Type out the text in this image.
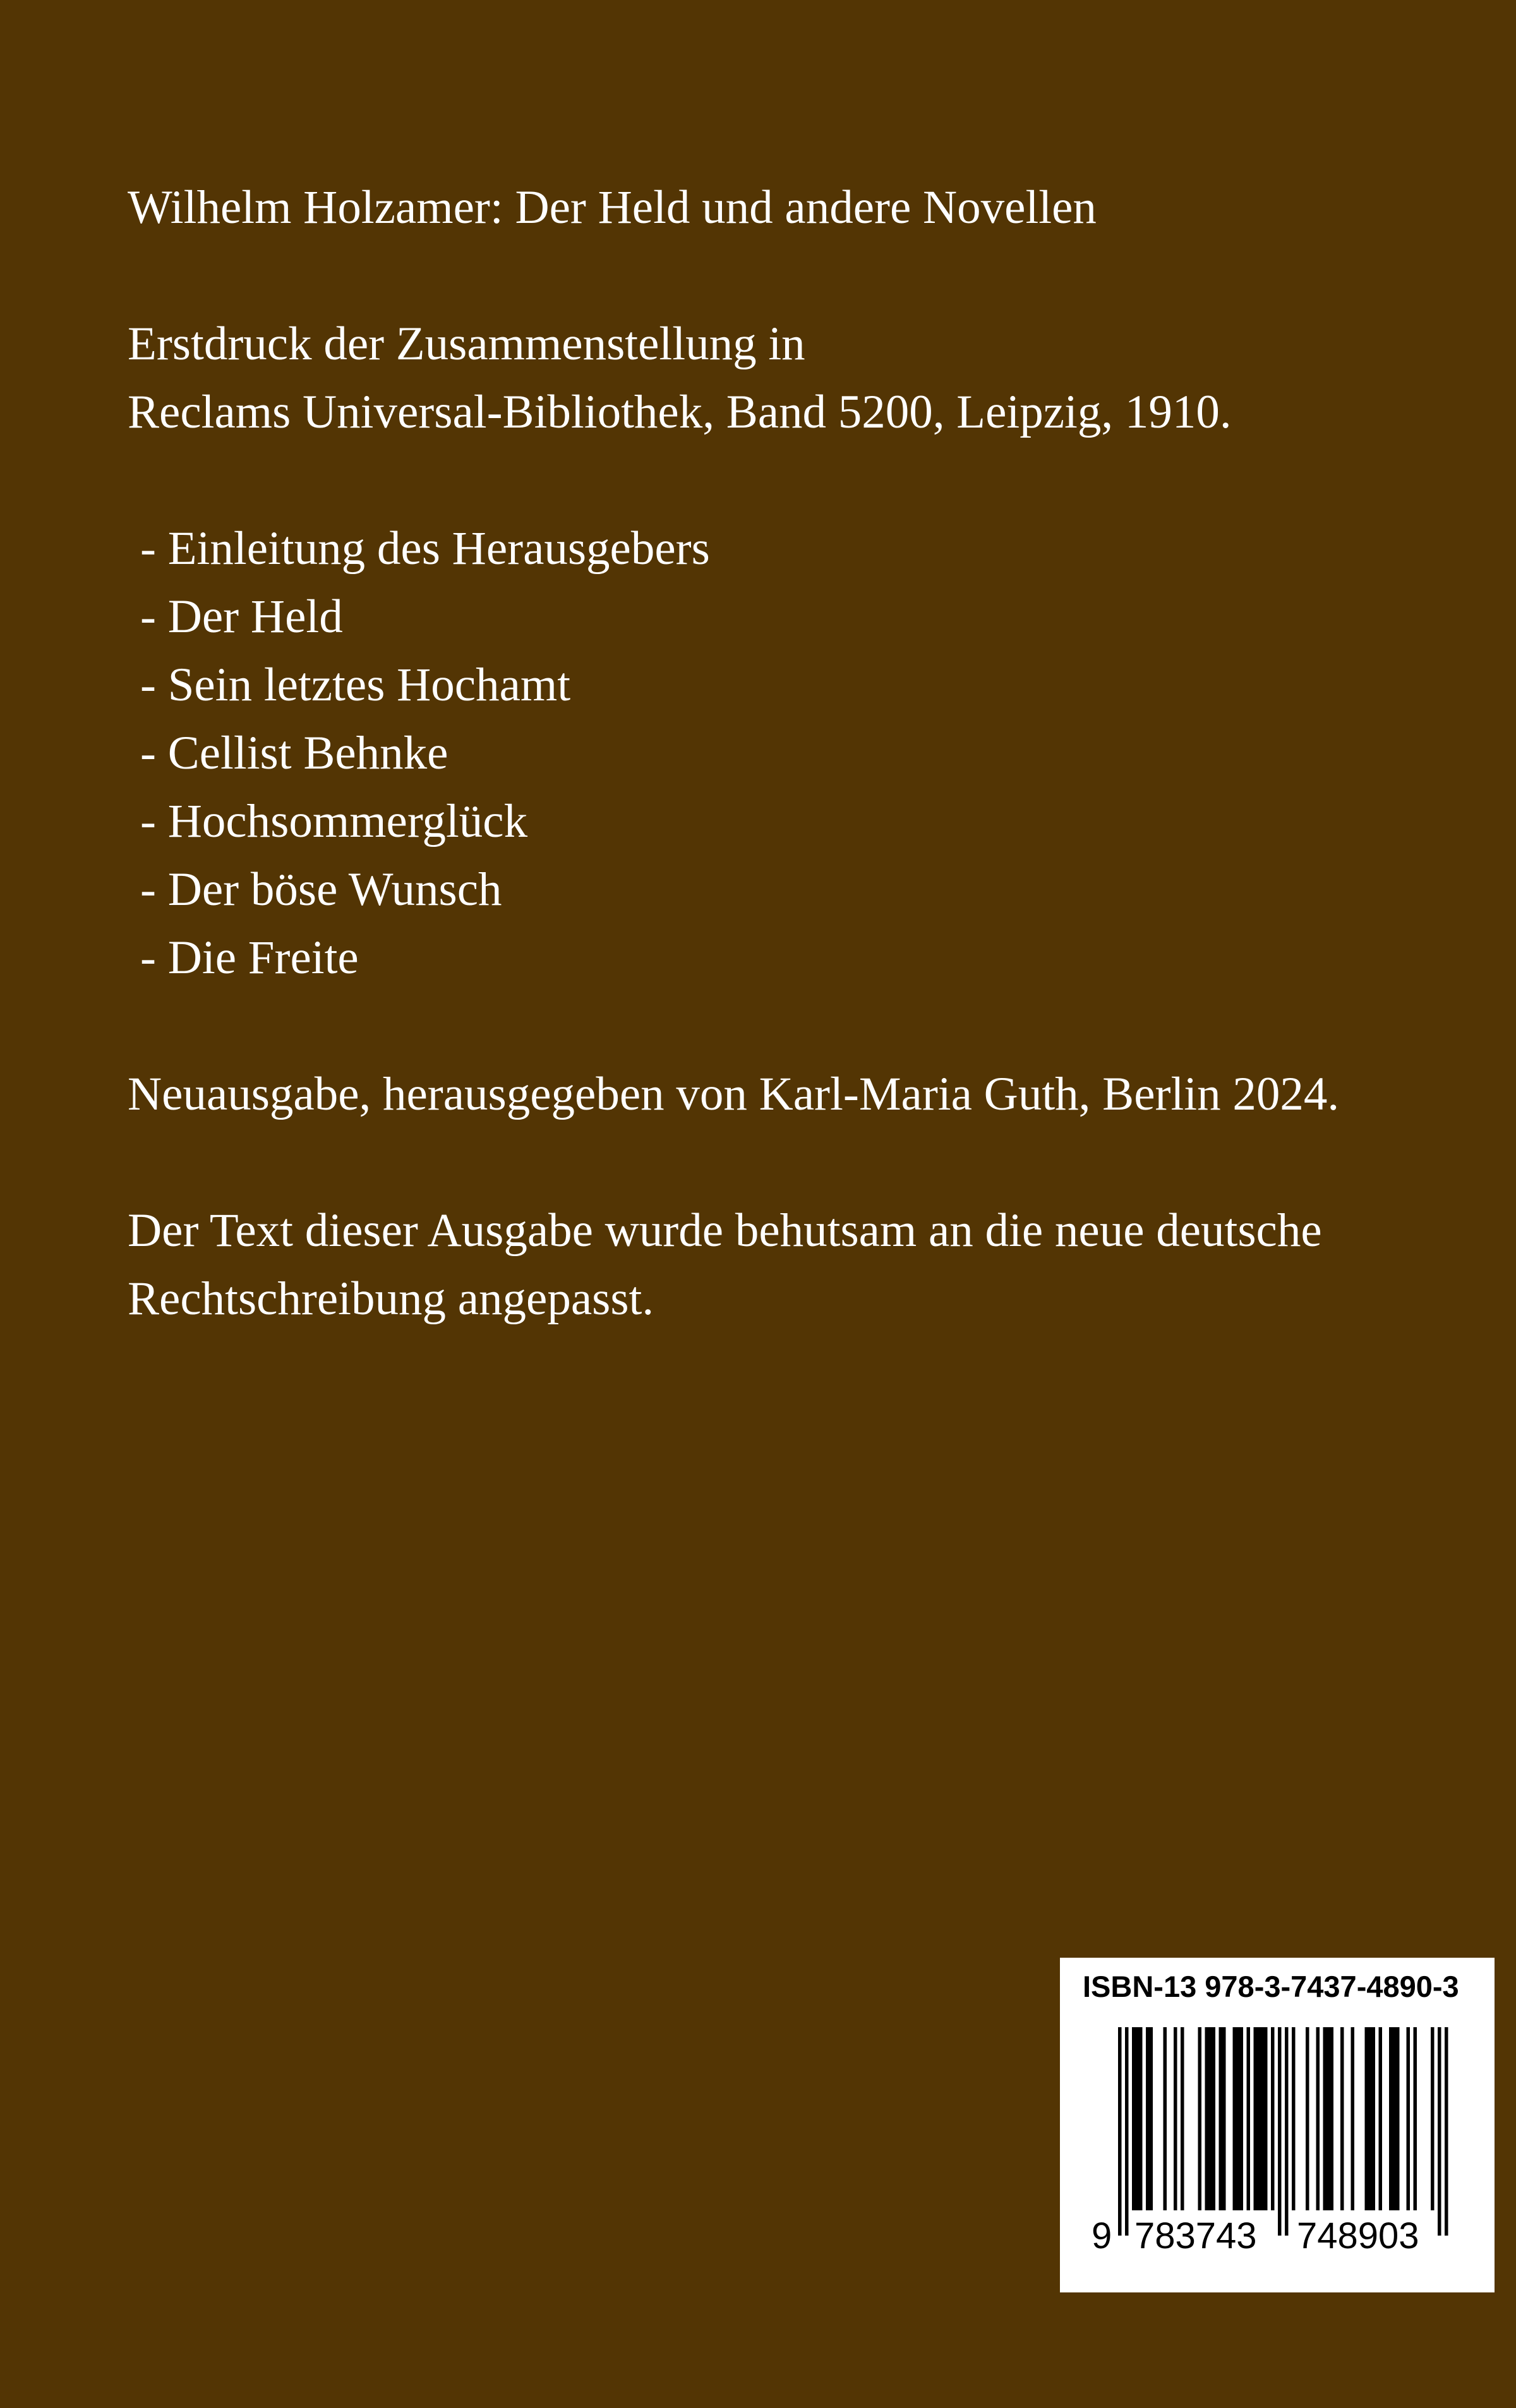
Wilhelm Holzamer: Der Held und andere Novellen

Erstdruck der Zusammenstellung in

Reclams Universal-Bibliothek, Band 5200, Leipzig, 1910.

- Einleitung des Herausgebers
- Der Held
- Sein letztes Hochamt
- Cellist Behnke
- Hochsommerglück
- Der böse Wunsch
- Die Freite

Neuausgabe, herausgegeben von Karl-Maria Guth, Berlin 2024.

Der Text dieser Ausgabe wurde behutsam an die neue deutsche

Rechtschreibung angepasst.

ISBN-13 978-3-7437-4890-3
9 783743 748903
